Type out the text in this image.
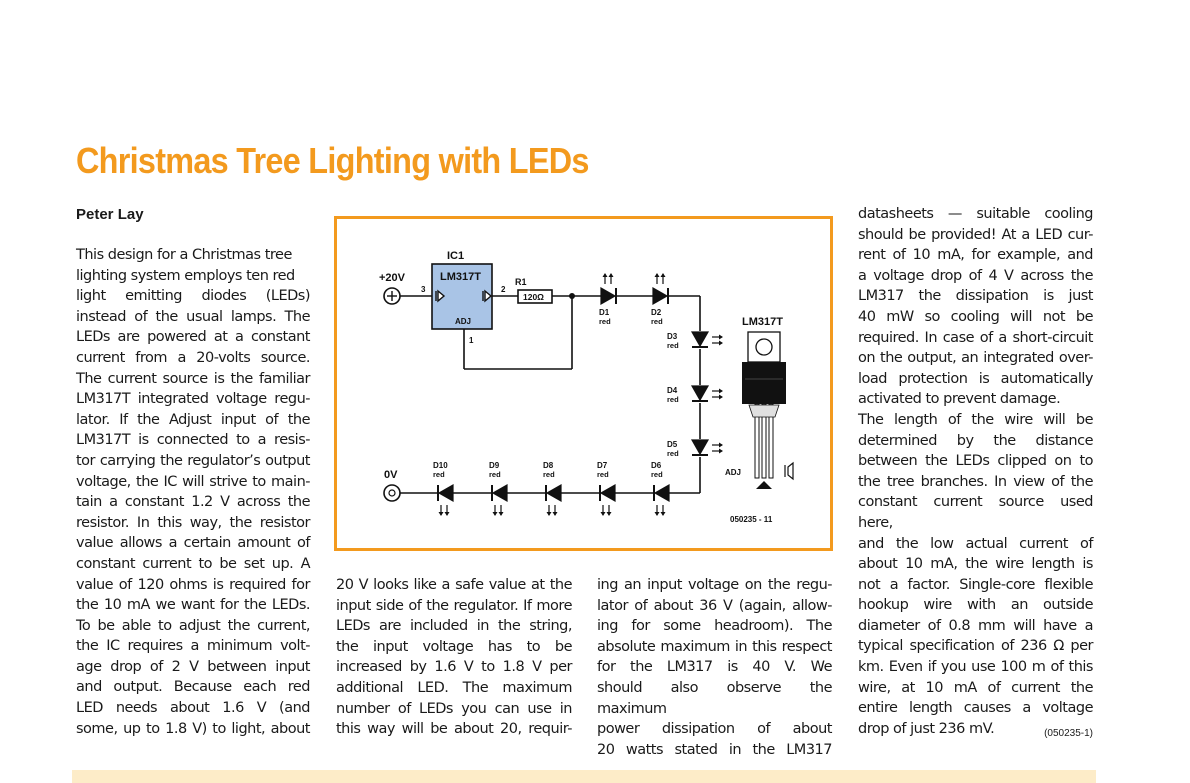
Christmas Tree Lighting with LEDs
Peter Lay
This design for a Christmas tree
lighting system employs ten red
light emitting diodes (LEDs)
instead of the usual lamps. The
LEDs are powered at a constant
current from a 20-volts source.
The current source is the familiar
LM317T integrated voltage regu-
lator. If the Adjust input of the
LM317T is connected to a resis-
tor carrying the regulator’s output
voltage, the IC will strive to main-
tain a constant 1.2 V across the
resistor. In this way, the resistor
value allows a certain amount of
constant current to be set up. A
value of 120 ohms is required for
the 10 mA we want for the LEDs.
To be able to adjust the current,
the IC requires a minimum volt-
age drop of 2 V between input
and output. Because each red
LED needs about 1.6 V (and
some, up to 1.8 V) to light, about
20 V looks like a safe value at the
input side of the regulator. If more
LEDs are included in the string,
the input voltage has to be
increased by 1.6 V to 1.8 V per
additional LED. The maximum
number of LEDs you can use in
this way will be about 20, requir-
ing an input voltage on the regu-
lator of about 36 V (again, allow-
ing for some headroom). The
absolute maximum in this respect
for the LM317 is 40 V. We
should also observe the maximum
power dissipation of about
20 watts stated in the LM317
datasheets — suitable cooling
should be provided! At a LED cur-
rent of 10 mA, for example, and
a voltage drop of 4 V across the
LM317 the dissipation is just
40 mW so cooling will not be
required. In case of a short-circuit
on the output, an integrated over-
load protection is automatically
activated to prevent damage.
The length of the wire will be
determined by the distance
between the LEDs clipped on to
the tree branches. In view of the
constant current source used here,
and the low actual current of
about 10 mA, the wire length is
not a factor. Single-core flexible
hookup wire with an outside
diameter of 0.8 mm will have a
typical specification of 236 Ω per
km. Even if you use 100 m of this
wire, at 10 mA of current the
entire length causes a voltage
drop of just 236 mV.	(050235-1)
+20V
0V
IC1
LM317T
ADJ
3	2
1
R1
120Ω
D1
red
D2
red
D3
red
D4
red
D5
red
D6
red
D7
red
D8
red
D9
red
D10
red
LM317T
ADJ
050235 - 11
